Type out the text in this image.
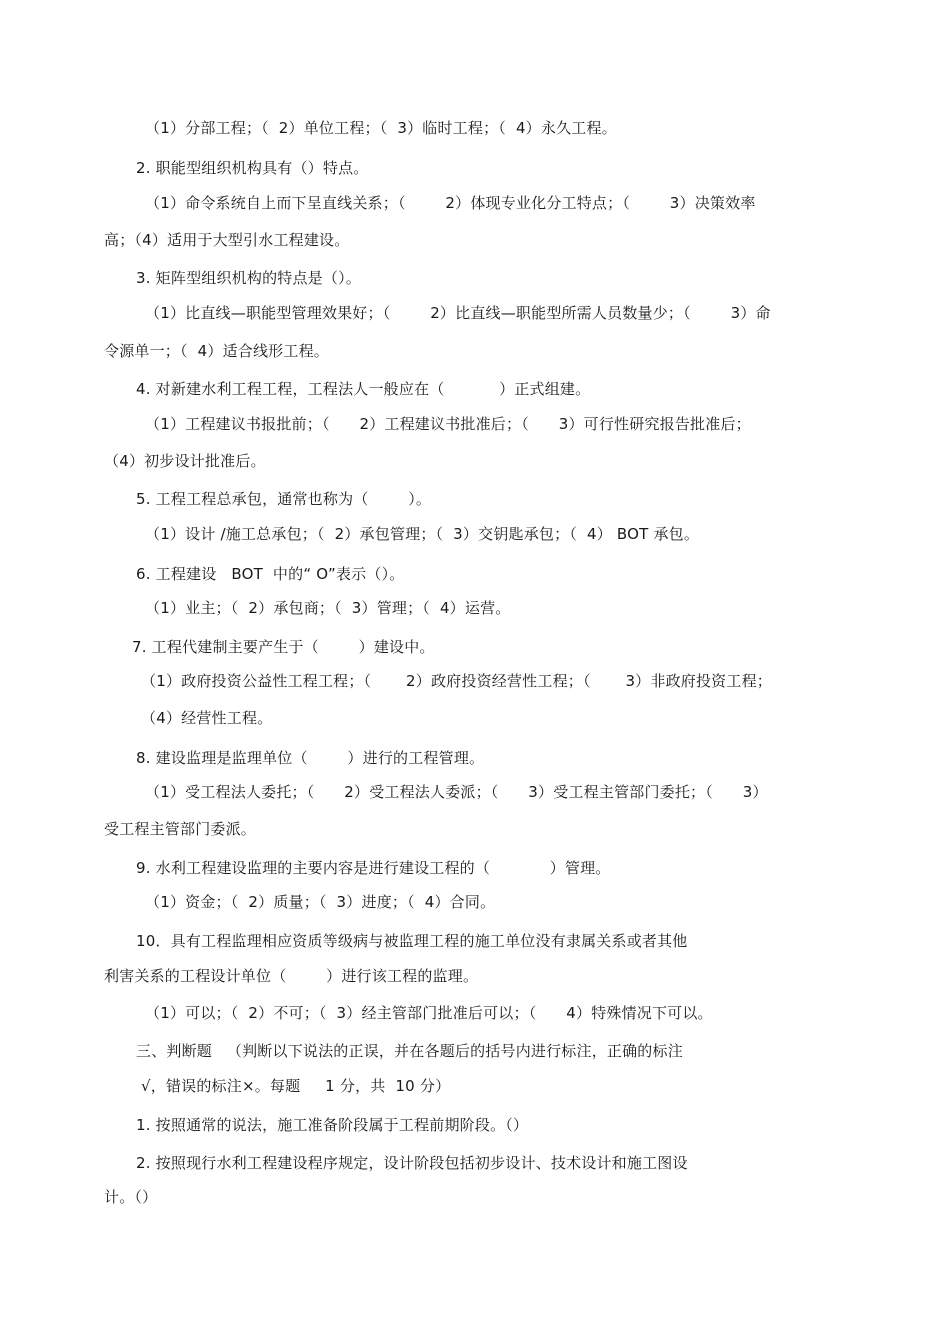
（1）分部工程；（  2）单位工程；（  3）临时工程；（  4）永久工程。
2. 职能型组织机构具有（）特点。
（1）命令系统自上而下呈直线关系；（        2）体现专业化分工特点；（        3）决策效率
高；（4）适用于大型引水工程建设。
3. 矩阵型组织机构的特点是（）。
（1）比直线—职能型管理效果好；（        2）比直线—职能型所需人员数量少；（        3）命
令源单一；（  4）适合线形工程。
4. 对新建水利工程工程，工程法人一般应在（           ）正式组建。
（1）工程建议书报批前；（      2）工程建议书批准后；（      3）可行性研究报告批准后；
（4）初步设计批准后。
5. 工程工程总承包，通常也称为（        ）。
（1）设计 /施工总承包；（  2）承包管理；（  3）交钥匙承包；（  4） BOT 承包。
6. 工程建设   BOT  中的“ O”表示（）。
（1）业主；（  2）承包商；（  3）管理；（  4）运营。
7. 工程代建制主要产生于（        ）建设中。
（1）政府投资公益性工程工程；（       2）政府投资经营性工程；（       3）非政府投资工程；
（4）经营性工程。
8. 建设监理是监理单位（        ）进行的工程管理。
（1）受工程法人委托；（      2）受工程法人委派；（      3）受工程主管部门委托；（      3）
受工程主管部门委派。
9. 水利工程建设监理的主要内容是进行建设工程的（            ）管理。
（1）资金；（  2）质量；（  3）进度；（  4）合同。
10．具有工程监理相应资质等级病与被监理工程的施工单位没有隶属关系或者其他
利害关系的工程设计单位（        ）进行该工程的监理。
（1）可以；（  2）不可；（  3）经主管部门批准后可以；（      4）特殊情况下可以。
三、判断题   （判断以下说法的正误，并在各题后的括号内进行标注，正确的标注
√，错误的标注×。每题     1 分，共  10 分）
1. 按照通常的说法，施工准备阶段属于工程前期阶段。（）
2. 按照现行水利工程建设程序规定，设计阶段包括初步设计、技术设计和施工图设
计。（）
